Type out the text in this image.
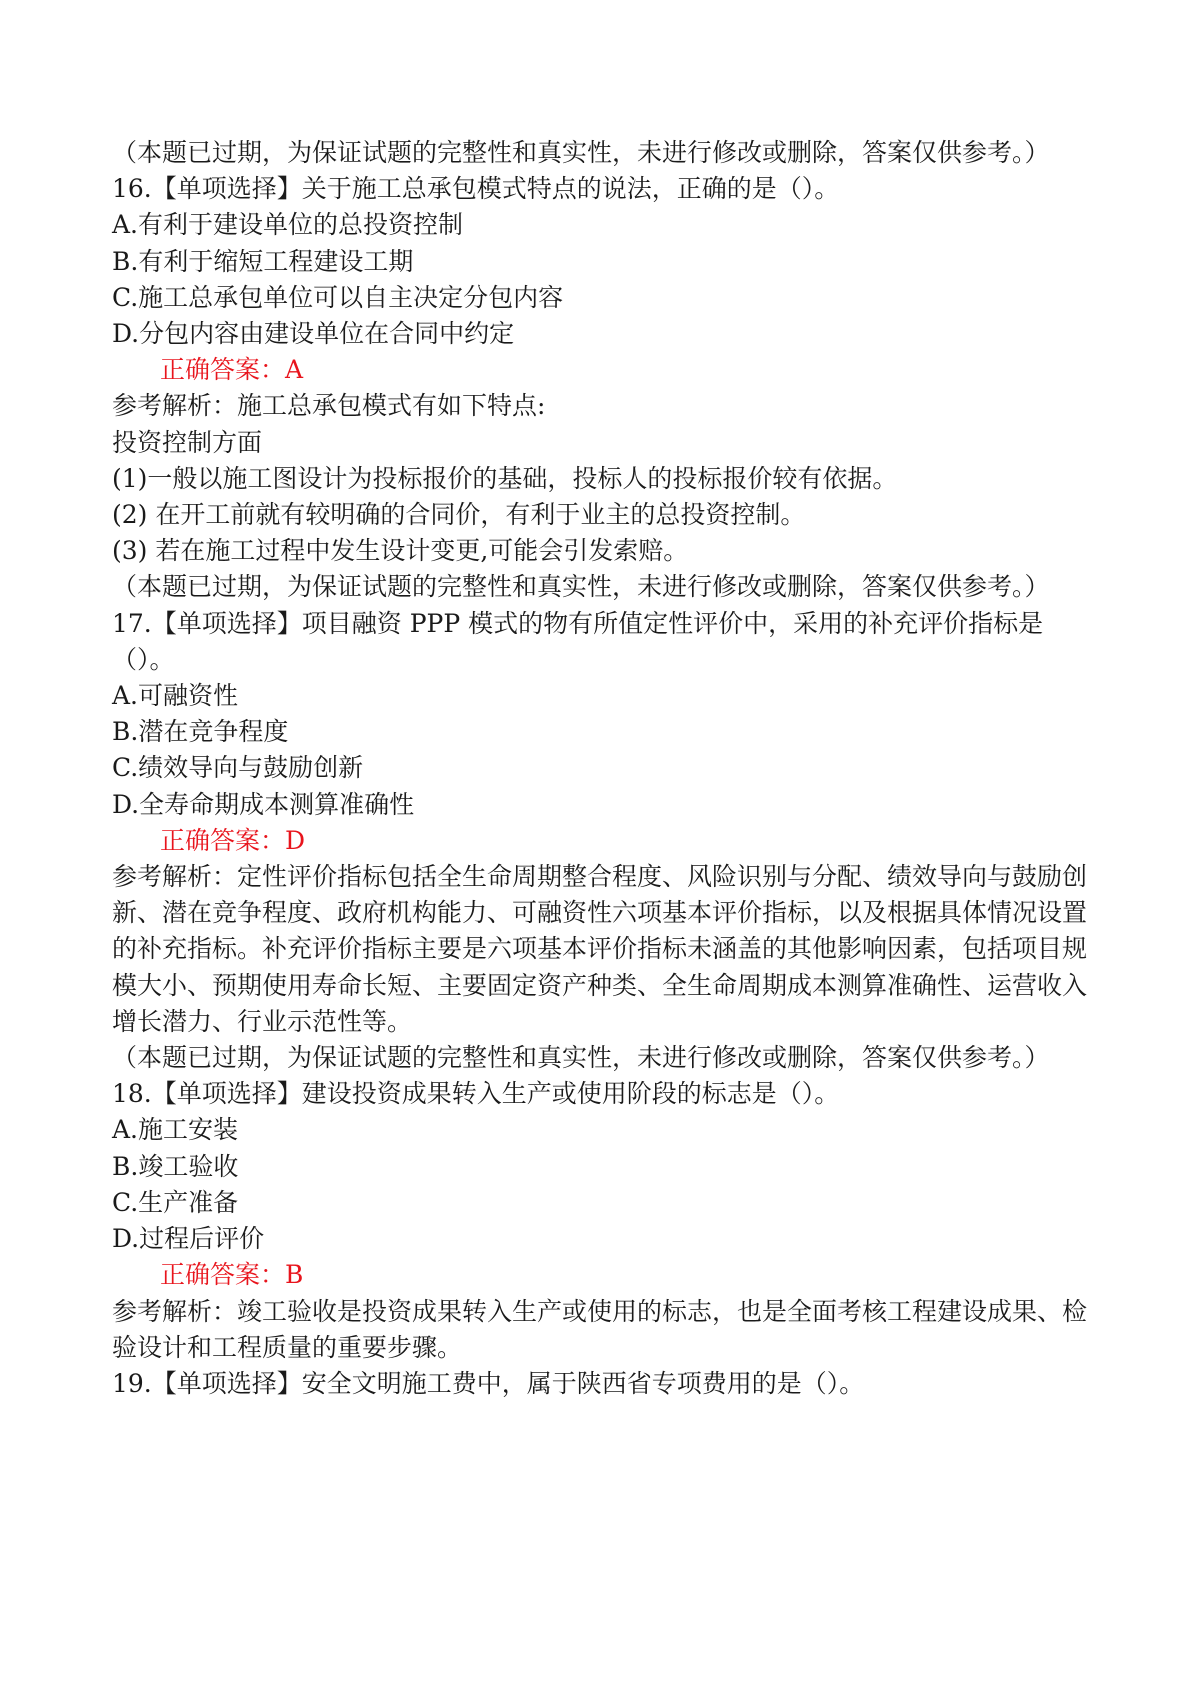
（本题已过期，为保证试题的完整性和真实性，未进行修改或删除，答案仅供参考。）
16.【单项选择】关于施工总承包模式特点的说法，正确的是（）。
A.有利于建设单位的总投资控制
B.有利于缩短工程建设工期
C.施工总承包单位可以自主决定分包内容
D.分包内容由建设单位在合同中约定
正确答案：A
参考解析：施工总承包模式有如下特点:
投资控制方面
(1)一般以施工图设计为投标报价的基础，投标人的投标报价较有依据。
(2) 在开工前就有较明确的合同价，有利于业主的总投资控制。
(3) 若在施工过程中发生设计变更,可能会引发索赔。
（本题已过期，为保证试题的完整性和真实性，未进行修改或删除，答案仅供参考。）
17.【单项选择】项目融资 PPP 模式的物有所值定性评价中，采用的补充评价指标是（）。
A.可融资性
B.潜在竞争程度
C.绩效导向与鼓励创新
D.全寿命期成本测算准确性
正确答案：D
参考解析：定性评价指标包括全生命周期整合程度、风险识别与分配、绩效导向与鼓励创新、潜在竞争程度、政府机构能力、可融资性六项基本评价指标，以及根据具体情况设置的补充指标。补充评价指标主要是六项基本评价指标未涵盖的其他影响因素，包括项目规模大小、预期使用寿命长短、主要固定资产种类、全生命周期成本测算准确性、运营收入增长潜力、行业示范性等。
（本题已过期，为保证试题的完整性和真实性，未进行修改或删除，答案仅供参考。）
18.【单项选择】建设投资成果转入生产或使用阶段的标志是（）。
A.施工安装
B.竣工验收
C.生产准备
D.过程后评价
正确答案：B
参考解析：竣工验收是投资成果转入生产或使用的标志，也是全面考核工程建设成果、检验设计和工程质量的重要步骤。
19.【单项选择】安全文明施工费中，属于陕西省专项费用的是（）。
